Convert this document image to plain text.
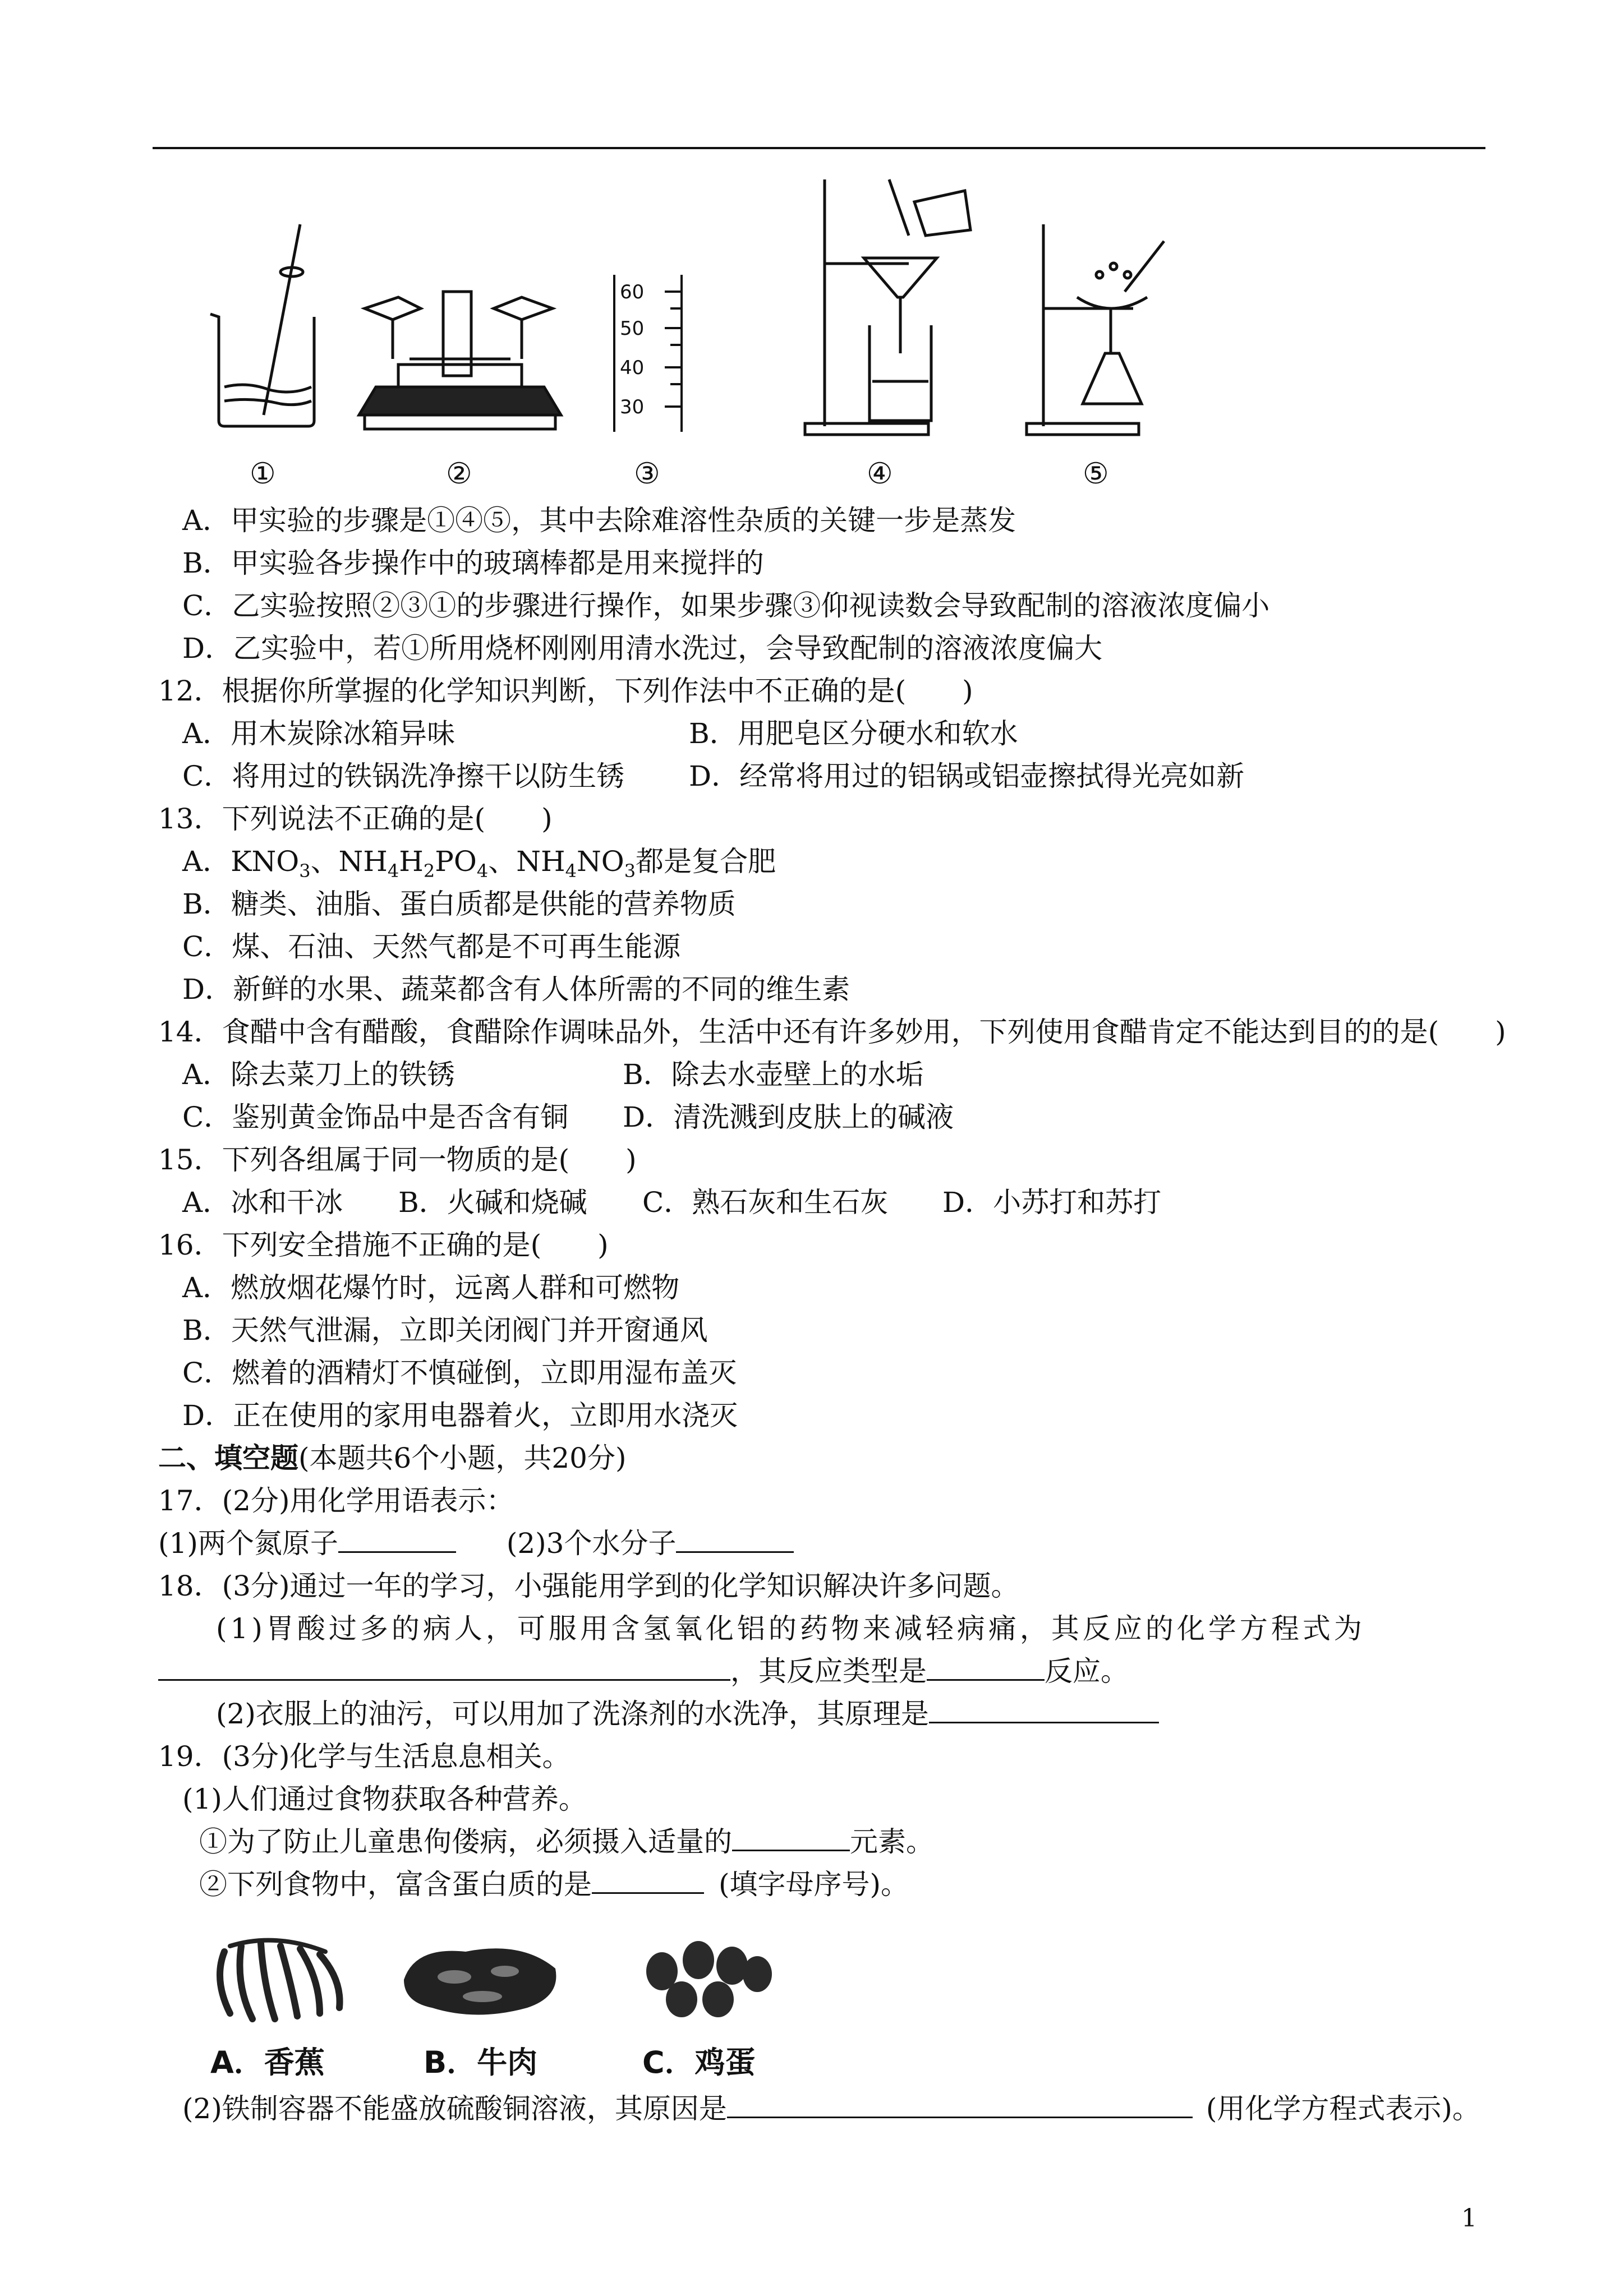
60
50
40
30
①	②	③	④	⑤
A．甲实验的步骤是①④⑤，其中去除难溶性杂质的关键一步是蒸发
B．甲实验各步操作中的玻璃棒都是用来搅拌的
C．乙实验按照②③①的步骤进行操作，如果步骤③仰视读数会导致配制的溶液浓度偏小
D．乙实验中，若①所用烧杯刚刚用清水洗过，会导致配制的溶液浓度偏大
12．根据你所掌握的化学知识判断，下列作法中不正确的是(　　)
A．用木炭除冰箱异味	B．用肥皂区分硬水和软水
C．将用过的铁锅洗净擦干以防生锈 D．经常将用过的铝锅或铝壶擦拭得光亮如新
13．下列说法不正确的是(　　)
A．$KNO_3$、$NH_4H_2PO_4$、$NH_4NO_3$都是复合肥
B．糖类、油脂、蛋白质都是供能的营养物质
C．煤、石油、天然气都是不可再生能源
D．新鲜的水果、蔬菜都含有人体所需的不同的维生素
14．食醋中含有醋酸，食醋除作调味品外，生活中还有许多妙用，下列使用食醋肯定不能达到目的的是(　　)
A．除去菜刀上的铁锈	B．除去水壶壁上的水垢
C．鉴别黄金饰品中是否含有铜 D．清洗溅到皮肤上的碱液
15．下列各组属于同一物质的是(　　)
A．冰和干冰 B．火碱和烧碱 C．熟石灰和生石灰 D．小苏打和苏打
16．下列安全措施不正确的是(　　)
A．燃放烟花爆竹时，远离人群和可燃物
B．天然气泄漏，立即关闭阀门并开窗通风
C．燃着的酒精灯不慎碰倒，立即用湿布盖灭
D．正在使用的家用电器着火，立即用水浇灭
二、填空题(本题共6个小题，共20分)
17．(2分)用化学用语表示：
(1)两个氮原子	(2)3个水分子
18．(3分)通过一年的学习，小强能用学到的化学知识解决许多问题。
(1)胃酸过多的病人，可服用含氢氧化铝的药物来减轻病痛，其反应的化学方程式为
，其反应类型是	反应。
(2)衣服上的油污，可以用加了洗涤剂的水洗净，其原理是
19．(3分)化学与生活息息相关。
(1)人们通过食物获取各种营养。
①为了防止儿童患佝偻病，必须摄入适量的	元素。
②下列食物中，富含蛋白质的是	(填字母序号)。
A．香蕉	B．牛肉	C．鸡蛋
(2)铁制容器不能盛放硫酸铜溶液，其原因是	(用化学方程式表示)。
1
